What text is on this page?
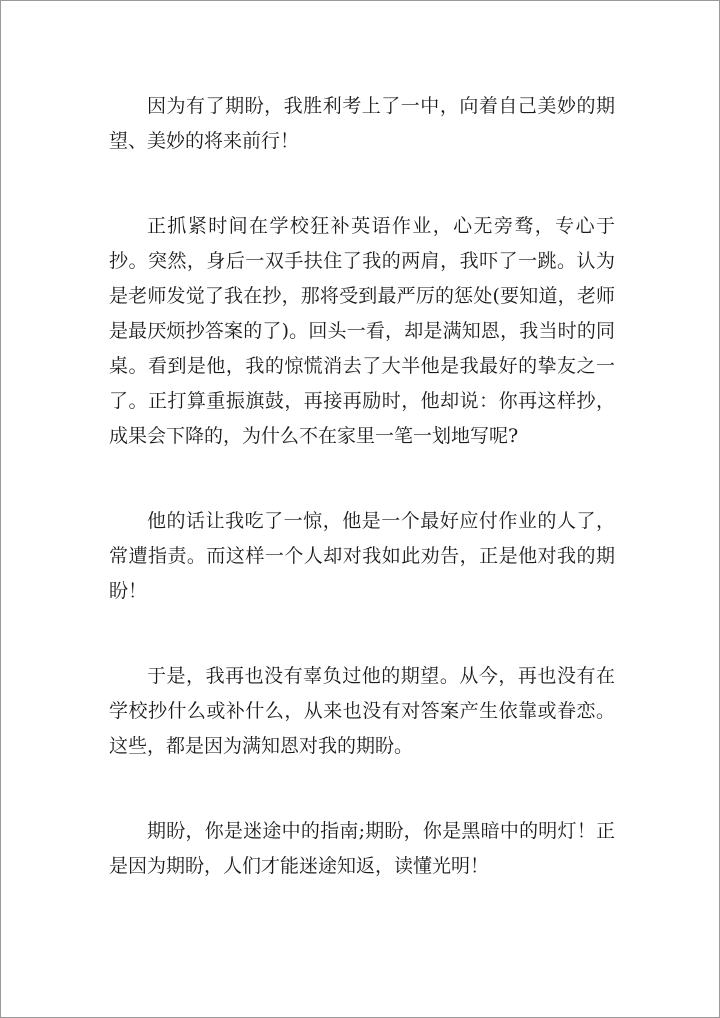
因为有了期盼，我胜利考上了一中，向着自己美妙的期望、美妙的将来前行！

正抓紧时间在学校狂补英语作业，心无旁骛，专心于抄。突然，身后一双手扶住了我的两肩，我吓了一跳。认为是老师发觉了我在抄，那将受到最严厉的惩处(要知道，老师是最厌烦抄答案的了)。回头一看，却是满知恩，我当时的同桌。看到是他，我的惊慌消去了大半他是我最好的挚友之一了。正打算重振旗鼓，再接再励时，他却说：你再这样抄，成果会下降的，为什么不在家里一笔一划地写呢?

他的话让我吃了一惊，他是一个最好应付作业的人了，常遭指责。而这样一个人却对我如此劝告，正是他对我的期盼！

于是，我再也没有辜负过他的期望。从今，再也没有在学校抄什么或补什么，从来也没有对答案产生依靠或眷恋。这些，都是因为满知恩对我的期盼。

期盼，你是迷途中的指南;期盼，你是黑暗中的明灯！正是因为期盼，人们才能迷途知返，读懂光明！
